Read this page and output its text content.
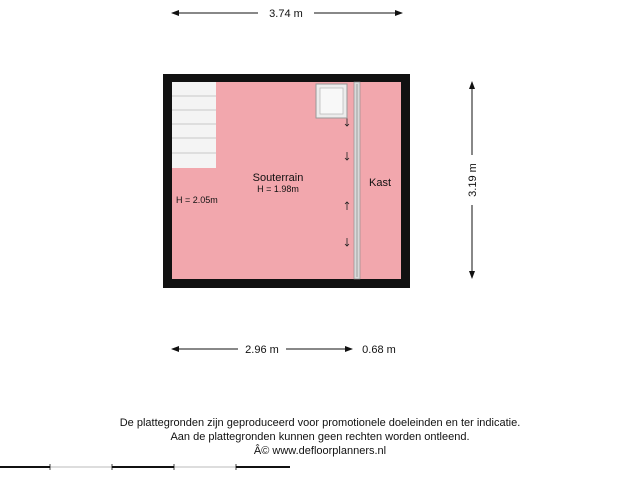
3.74 m
3.19 m
Souterrain
H = 1.98m
H = 2.05m
Kast
2.96 m	0.68 m
De plattegronden zijn geproduceerd voor promotionele doeleinden en ter indicatie.
Aan de plattegronden kunnen geen rechten worden ontleend.
Â© www.defloorplanners.nl
